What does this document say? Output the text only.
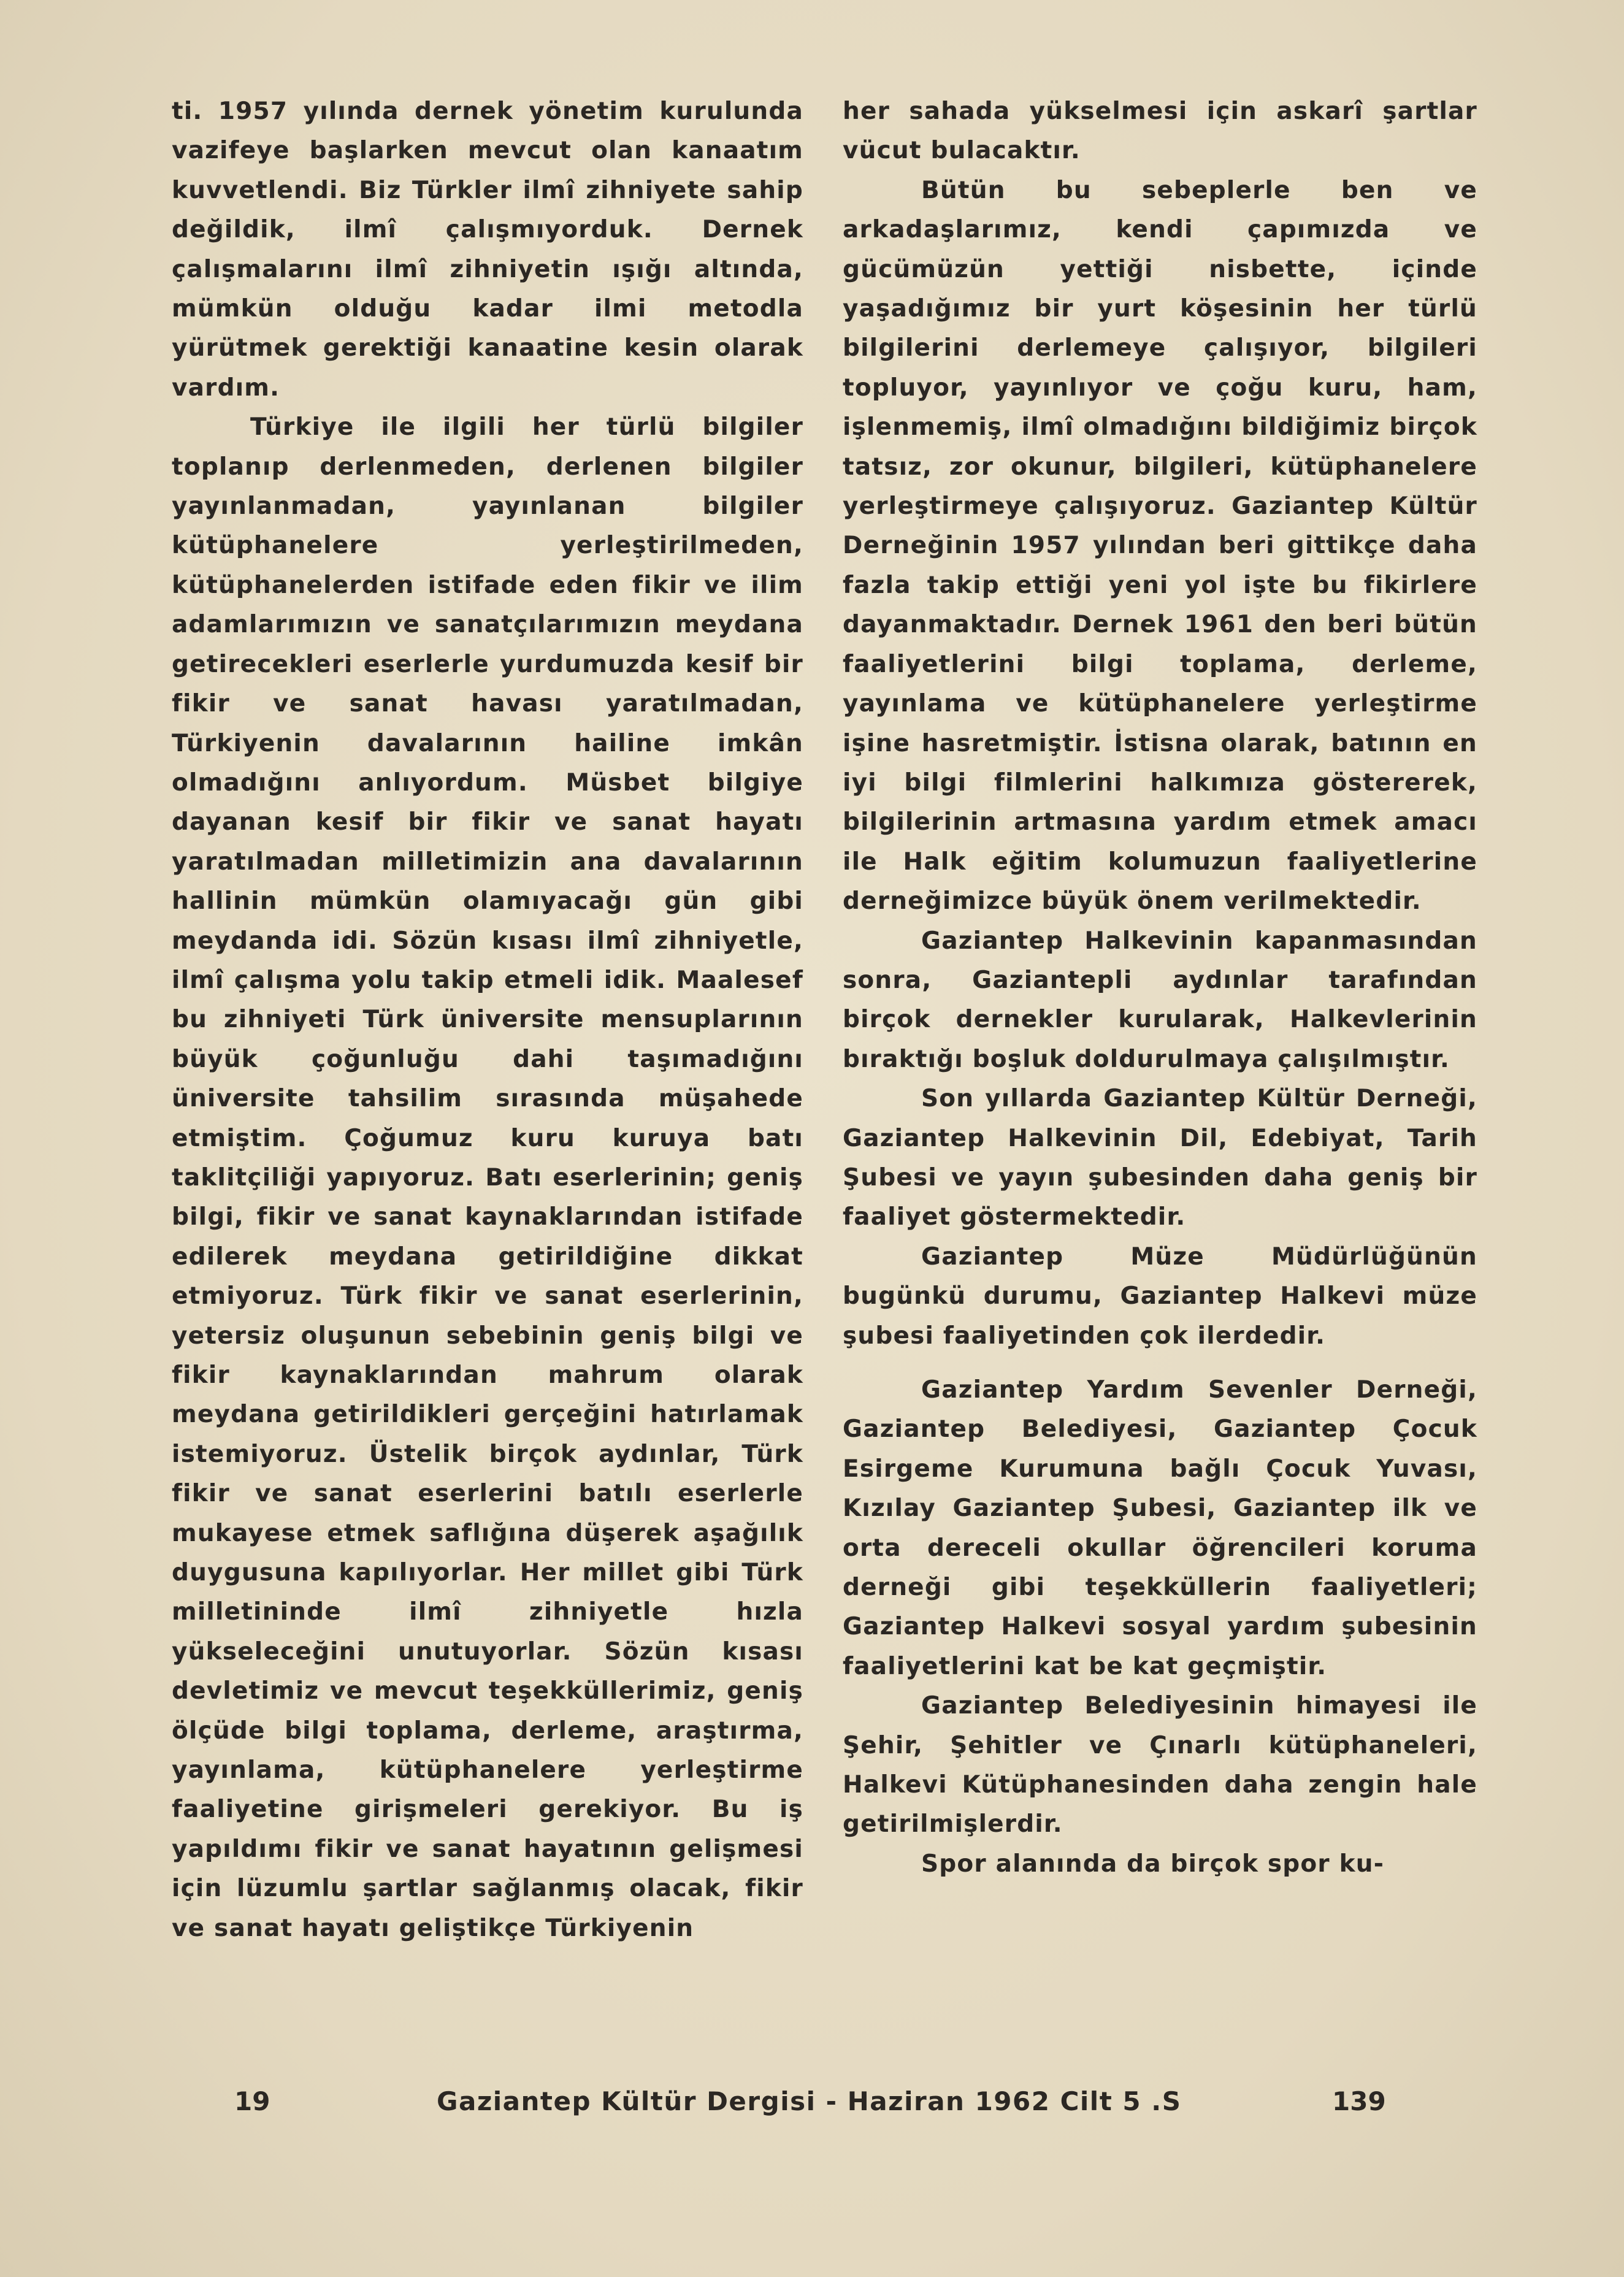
ti. 1957 yılında dernek yönetim kurulunda vazifeye başlarken mevcut olan kanaatım kuvvetlendi. Biz Türkler ilmî zihniyete sahip değildik, ilmî çalışmıyorduk. Dernek çalışmalarını ilmî zihniyetin ışığı altında, mümkün olduğu kadar ilmi metodla yürütmek gerektiği kanaatine kesin olarak vardım.

Türkiye ile ilgili her türlü bilgiler toplanıp derlenmeden, derlenen bilgiler yayınlanmadan, yayınlanan bilgiler kütüphanelere yerleştirilmeden, kütüphanelerden istifade eden fikir ve ilim adamlarımızın ve sanatçılarımızın meydana getirecekleri eserlerle yurdumuzda kesif bir fikir ve sanat havası yaratılmadan, Türkiyenin davalarının hailine imkân olmadığını anlıyordum. Müsbet bilgiye dayanan kesif bir fikir ve sanat hayatı yaratılmadan milletimizin ana davalarının hallinin mümkün olamıyacağı gün gibi meydanda idi. Sözün kısası ilmî zihniyetle, ilmî çalışma yolu takip etmeli idik. Maalesef bu zihniyeti Türk üniversite mensuplarının büyük çoğunluğu dahi taşımadığını üniversite tahsilim sırasında müşahede etmiştim. Çoğumuz kuru kuruya batı taklitçiliği yapıyoruz. Batı eserlerinin; geniş bilgi, fikir ve sanat kaynaklarından istifade edilerek meydana getirildiğine dikkat etmiyoruz. Türk fikir ve sanat eserlerinin, yetersiz oluşunun sebebinin geniş bilgi ve fikir kaynaklarından mahrum olarak meydana getirildikleri gerçeğini hatırlamak istemiyoruz. Üstelik birçok aydınlar, Türk fikir ve sanat eserlerini batılı eserlerle mukayese etmek saflığına düşerek aşağılık duygusuna kapılıyorlar. Her millet gibi Türk milletininde ilmî zihniyetle hızla yükseleceğini unutuyorlar. Sözün kısası devletimiz ve mevcut teşekküllerimiz, geniş ölçüde bilgi toplama, derleme, araştırma, yayınlama, kütüphanelere yerleştirme faaliyetine girişmeleri gerekiyor. Bu iş yapıldımı fikir ve sanat hayatının gelişmesi için lüzumlu şartlar sağlanmış olacak, fikir ve sanat hayatı geliştikçe Türkiyenin

her sahada yükselmesi için askarî şartlar vücut bulacaktır.

Bütün bu sebeplerle ben ve arkadaşlarımız, kendi çapımızda ve gücümüzün yettiği nisbette, içinde yaşadığımız bir yurt köşesinin her türlü bilgilerini derlemeye çalışıyor, bilgileri topluyor, yayınlıyor ve çoğu kuru, ham, işlenmemiş, ilmî olmadığını bildiğimiz birçok tatsız, zor okunur, bilgileri, kütüphanelere yerleştirmeye çalışıyoruz. Gaziantep Kültür Derneğinin 1957 yılından beri gittikçe daha fazla takip ettiği yeni yol işte bu fikirlere dayanmaktadır. Dernek 1961 den beri bütün faaliyetlerini bilgi toplama, derleme, yayınlama ve kütüphanelere yerleştirme işine hasretmiştir. İstisna olarak, batının en iyi bilgi filmlerini halkımıza göstererek, bilgilerinin artmasına yardım etmek amacı ile Halk eğitim kolumuzun faaliyetlerine derneğimizce büyük önem verilmektedir.

Gaziantep Halkevinin kapanmasından sonra, Gaziantepli aydınlar tarafından birçok dernekler kurularak, Halkevlerinin bıraktığı boşluk doldurulmaya çalışılmıştır.

Son yıllarda Gaziantep Kültür Derneği, Gaziantep Halkevinin Dil, Edebiyat, Tarih Şubesi ve yayın şubesinden daha geniş bir faaliyet göstermektedir.

Gaziantep Müze Müdürlüğünün bugünkü durumu, Gaziantep Halkevi müze şubesi faaliyetinden çok ilerdedir.

Gaziantep Yardım Sevenler Derneği, Gaziantep Belediyesi, Gaziantep Çocuk Esirgeme Kurumuna bağlı Çocuk Yuvası, Kızılay Gaziantep Şubesi, Gaziantep ilk ve orta dereceli okullar öğrencileri koruma derneği gibi teşekküllerin faaliyetleri; Gaziantep Halkevi sosyal yardım şubesinin faaliyetlerini kat be kat geçmiştir.

Gaziantep Belediyesinin himayesi ile Şehir, Şehitler ve Çınarlı kütüphaneleri, Halkevi Kütüphanesinden daha zengin hale getirilmişlerdir.

Spor alanında da birçok spor ku-

19	Gaziantep Kültür Dergisi - Haziran 1962 Cilt 5 .S	139
